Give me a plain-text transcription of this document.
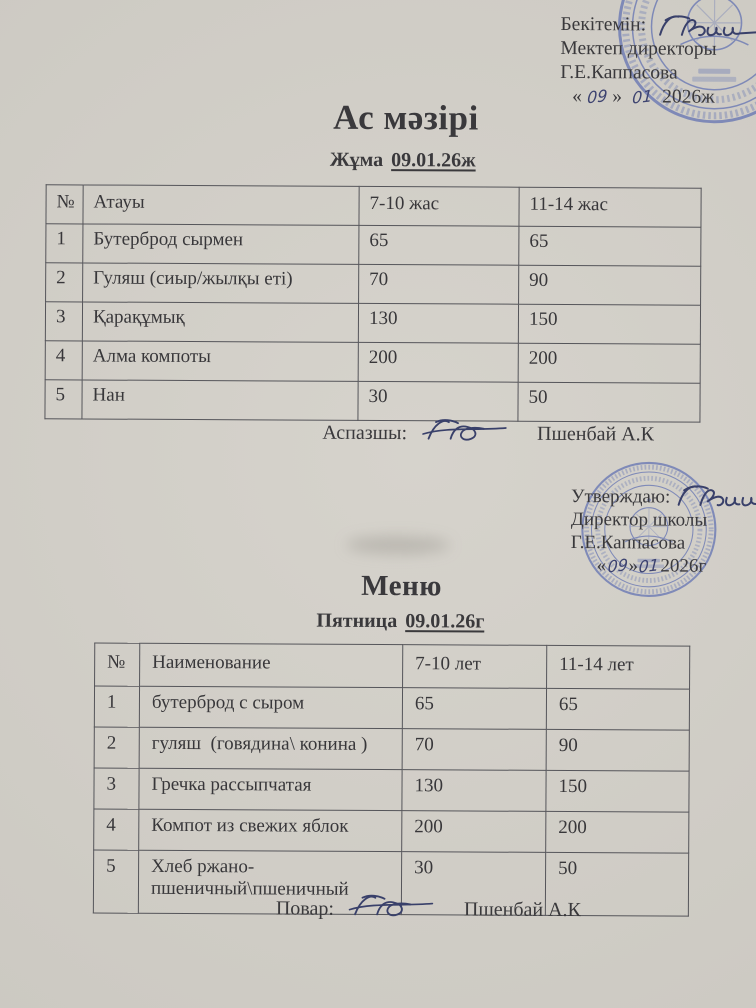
Бекітемін:
Мектеп директоры
Г.Е.Каппасова
« 09 » 01 2026ж
Ас мәзірі
Жұма 09.01.26ж
№	Атауы	7-10 жас	11-14 жас
1	Бутерброд сырмен	65	65
2	Гуляш (сиыр/жылқы еті)	70	90
3	Қарақұмық	130	150
4	Алма компоты	200	200
5	Нан	30	50
Аспазшы:	Пшенбай А.К
Утверждаю:
Директор школы
Г.Е.Каппасова
«09»012026г
Меню
Пятница 09.01.26г
№	Наименование	7-10 лет	11-14 лет
1	бутерброд с сыром	65	65
2	гуляш  (говядина\ конина )	70	90
3	Гречка рассыпчатая	130	150
4	Компот из свежих яблок	200	200
5	Хлеб ржано-пшеничный\пшеничный	30	50
Повар:	Пшенбай А.К
